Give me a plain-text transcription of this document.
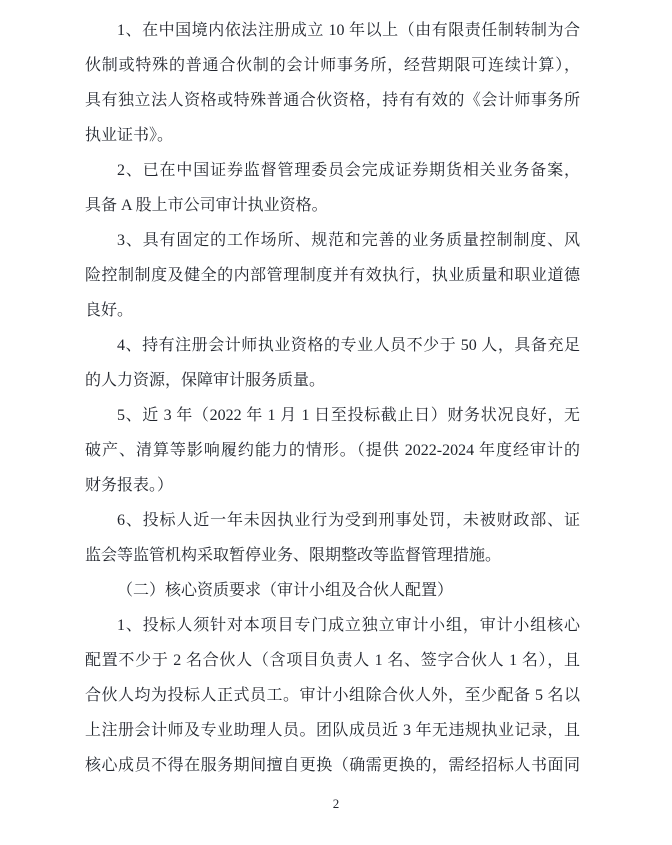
1、在中国境内依法注册成立 10 年以上（由有限责任制转制为合
伙制或特殊的普通合伙制的会计师事务所，经营期限可连续计算），
具有独立法人资格或特殊普通合伙资格，持有有效的《会计师事务所
执业证书》。
2、已在中国证券监督管理委员会完成证券期货相关业务备案，
具备 A 股上市公司审计执业资格。
3、具有固定的工作场所、规范和完善的业务质量控制制度、风
险控制制度及健全的内部管理制度并有效执行，执业质量和职业道德
良好。
4、持有注册会计师执业资格的专业人员不少于 50 人，具备充足
的人力资源，保障审计服务质量。
5、近 3 年（2022 年 1 月 1 日至投标截止日）财务状况良好，无
破产、清算等影响履约能力的情形。（提供 2022-2024 年度经审计的
财务报表。）
6、投标人近一年未因执业行为受到刑事处罚，未被财政部、证
监会等监管机构采取暂停业务、限期整改等监督管理措施。
（二）核心资质要求（审计小组及合伙人配置）
1、投标人须针对本项目专门成立独立审计小组，审计小组核心
配置不少于 2 名合伙人（含项目负责人 1 名、签字合伙人 1 名），且
合伙人均为投标人正式员工。审计小组除合伙人外，至少配备 5 名以
上注册会计师及专业助理人员。团队成员近 3 年无违规执业记录，且
核心成员不得在服务期间擅自更换（确需更换的，需经招标人书面同
2
